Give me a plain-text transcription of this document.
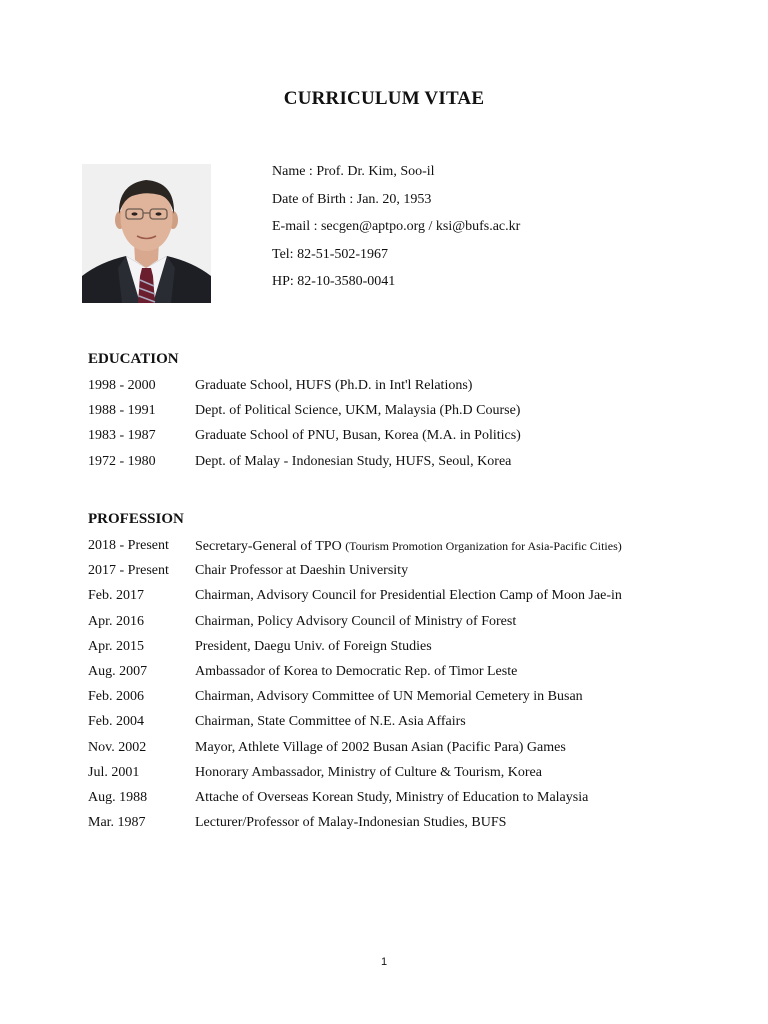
CURRICULUM VITAE
Name : Prof. Dr. Kim, Soo-il
Date of Birth : Jan. 20, 1953
E-mail : secgen@aptpo.org / ksi@bufs.ac.kr
Tel: 82-51-502-1967
HP: 82-10-3580-0041
EDUCATION
1998 - 2000	Graduate School, HUFS (Ph.D. in Int'l Relations)
1988 - 1991	Dept. of Political Science, UKM, Malaysia (Ph.D Course)
1983 - 1987	Graduate School of PNU, Busan, Korea (M.A. in Politics)
1972 - 1980	Dept. of Malay - Indonesian Study, HUFS, Seoul, Korea
PROFESSION
2018 - Present	Secretary-General of TPO (Tourism Promotion Organization for Asia-Pacific Cities)
2017 - Present	Chair Professor at Daeshin University
Feb. 2017	Chairman, Advisory Council for Presidential Election Camp of Moon Jae-in
Apr. 2016	Chairman, Policy Advisory Council of Ministry of Forest
Apr. 2015	President, Daegu Univ. of Foreign Studies
Aug. 2007	Ambassador of Korea to Democratic Rep. of Timor Leste
Feb. 2006	Chairman, Advisory Committee of UN Memorial Cemetery in Busan
Feb. 2004	Chairman, State Committee of N.E. Asia Affairs
Nov. 2002	Mayor, Athlete Village of 2002 Busan Asian (Pacific Para) Games
Jul. 2001	Honorary Ambassador, Ministry of Culture & Tourism, Korea
Aug. 1988	Attache of Overseas Korean Study, Ministry of Education to Malaysia
Mar. 1987	Lecturer/Professor of Malay-Indonesian Studies, BUFS
1
